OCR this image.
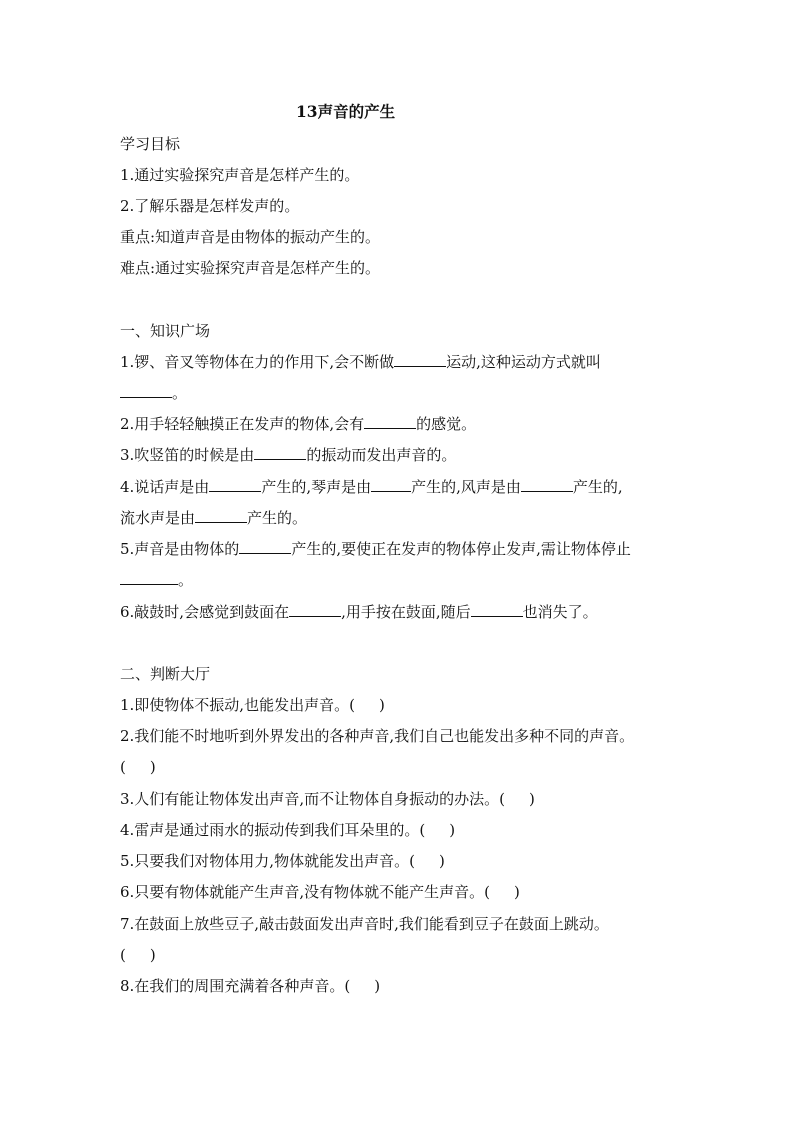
13声音的产生
学习目标
1.通过实验探究声音是怎样产生的。
2.了解乐器是怎样发声的。
重点:知道声音是由物体的振动产生的。
难点:通过实验探究声音是怎样产生的。
一、知识广场
1.锣、音叉等物体在力的作用下,会不断做	运动,这种运动方式就叫
。
2.用手轻轻触摸正在发声的物体,会有	的感觉。
3.吹竖笛的时候是由	的振动而发出声音的。
4.说话声是由	产生的,琴声是由	产生的,风声是由	产生的,
流水声是由	产生的。
5.声音是由物体的	产生的,要使正在发声的物体停止发声,需让物体停止
。
6.敲鼓时,会感觉到鼓面在	,用手按在鼓面,随后	也消失了。
二、判断大厅
1.即使物体不振动,也能发出声音。( )
2.我们能不时地听到外界发出的各种声音,我们自己也能发出多种不同的声音。
( )
3.人们有能让物体发出声音,而不让物体自身振动的办法。( )
4.雷声是通过雨水的振动传到我们耳朵里的。( )
5.只要我们对物体用力,物体就能发出声音。( )
6.只要有物体就能产生声音,没有物体就不能产生声音。( )
7.在鼓面上放些豆子,敲击鼓面发出声音时,我们能看到豆子在鼓面上跳动。
( )
8.在我们的周围充满着各种声音。( )
